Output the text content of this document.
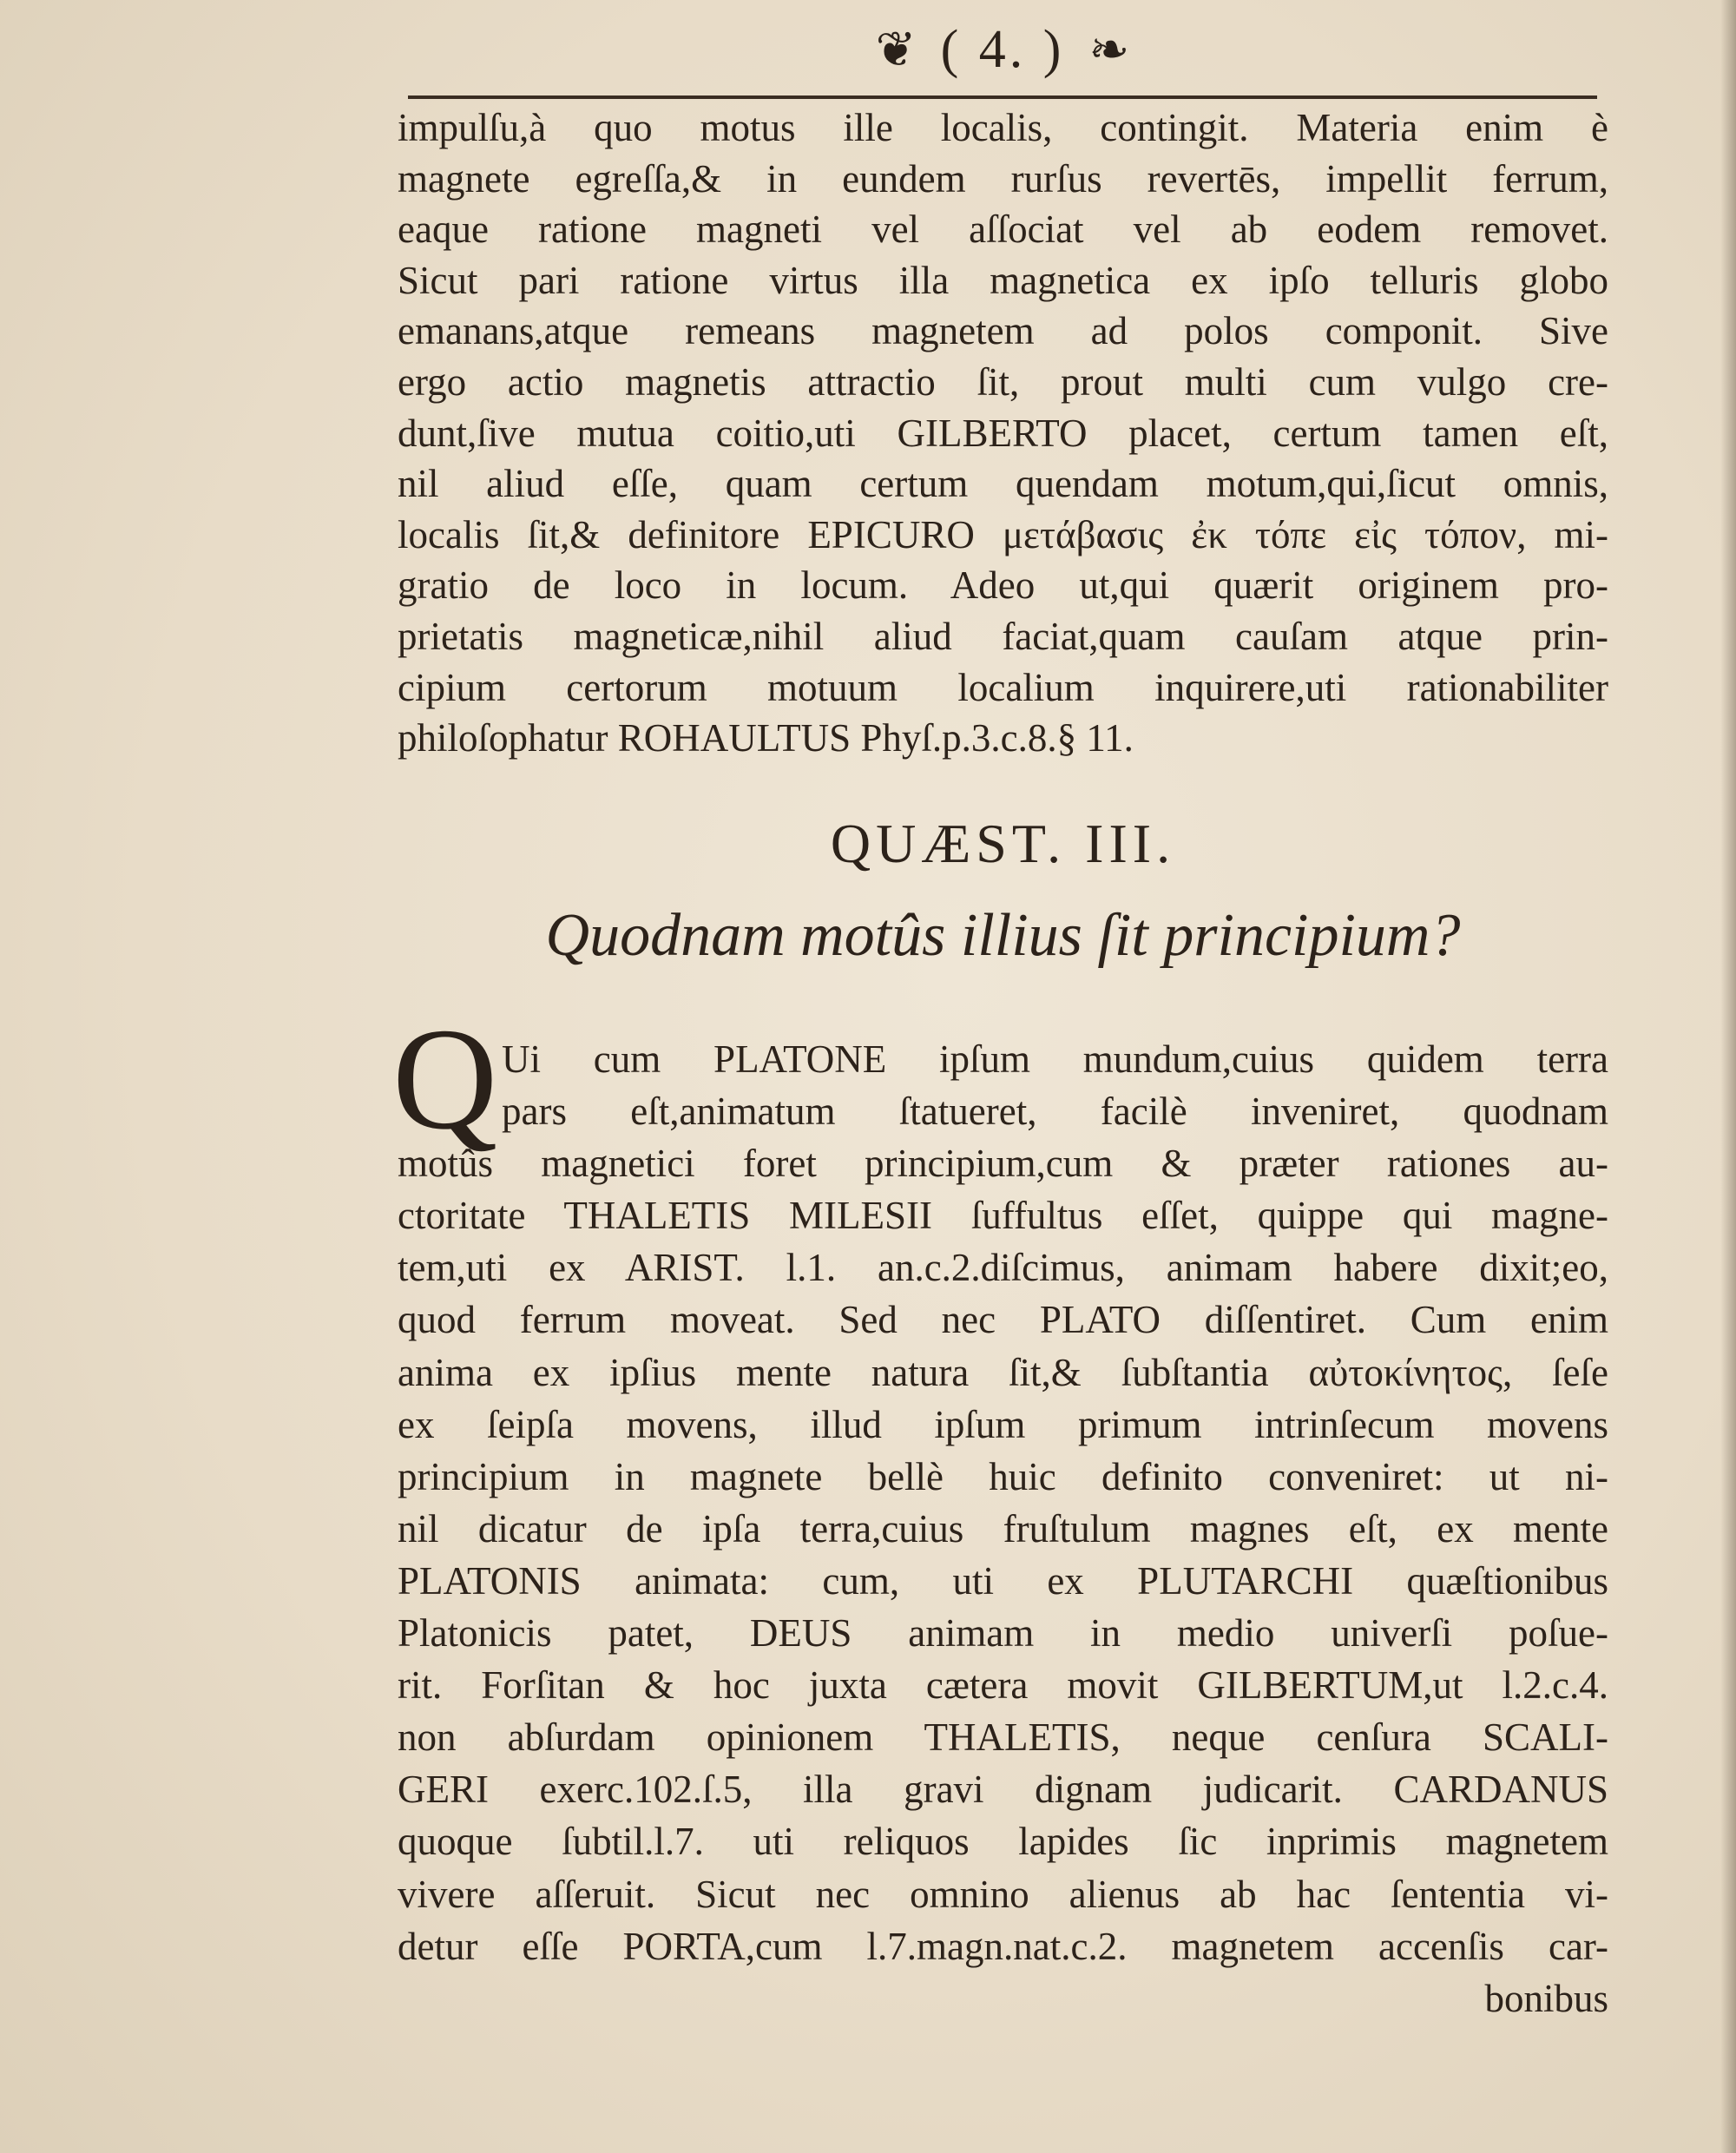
❦ ( 4. ) ❧
impulſu,à quo motus ille localis, contingit. Materia enim è
magnete egreſſa,& in eundem rurſus revertēs, impellit ferrum,
eaque ratione magneti vel aſſociat vel ab eodem removet.
Sicut pari ratione virtus illa magnetica ex ipſo telluris globo
emanans,atque remeans magnetem ad polos componit. Sive
ergo actio magnetis attractio ſit, prout multi cum vulgo cre-
dunt,ſive mutua coitio,uti GILBERTO placet, certum tamen eſt,
nil aliud eſſe, quam certum quendam motum,qui,ſicut omnis,
localis ſit,& definitore EPICURO μετάβασις ἐκ τόπε εἰς τόπον, mi-
gratio de loco in locum. Adeo ut,qui quærit originem pro-
prietatis magneticæ,nihil aliud faciat,quam cauſam atque prin-
cipium certorum motuum localium inquirere,uti rationabiliter
philoſophatur ROHAULTUS Phyſ.p.3.c.8.§ 11.
QUÆST. III.
Quodnam motûs illius ſit principium?
Q Ui cum PLATONE ipſum mundum,cuius quidem terra
pars eſt,animatum ſtatueret, facilè inveniret, quodnam
motûs magnetici foret principium,cum & præter rationes au-
ctoritate THALETIS MILESII ſuffultus eſſet, quippe qui magne-
tem,uti ex ARIST. l.1. an.c.2.diſcimus, animam habere dixit;eo,
quod ferrum moveat. Sed nec PLATO diſſentiret. Cum enim
anima ex ipſius mente natura ſit,& ſubſtantia αὐτοκίνητος, ſeſe
ex ſeipſa movens, illud ipſum primum intrinſecum movens
principium in magnete bellè huic definito conveniret: ut ni-
nil dicatur de ipſa terra,cuius fruſtulum magnes eſt, ex mente
PLATONIS animata: cum, uti ex PLUTARCHI quæſtionibus
Platonicis patet, DEUS animam in medio univerſi poſue-
rit. Forſitan & hoc juxta cætera movit GILBERTUM,ut l.2.c.4.
non abſurdam opinionem THALETIS, neque cenſura SCALI-
GERI exerc.102.ſ.5, illa gravi dignam judicarit. CARDANUS
quoque ſubtil.l.7. uti reliquos lapides ſic inprimis magnetem
vivere aſſeruit. Sicut nec omnino alienus ab hac ſententia vi-
detur eſſe PORTA,cum l.7.magn.nat.c.2. magnetem accenſis car-
bonibus
